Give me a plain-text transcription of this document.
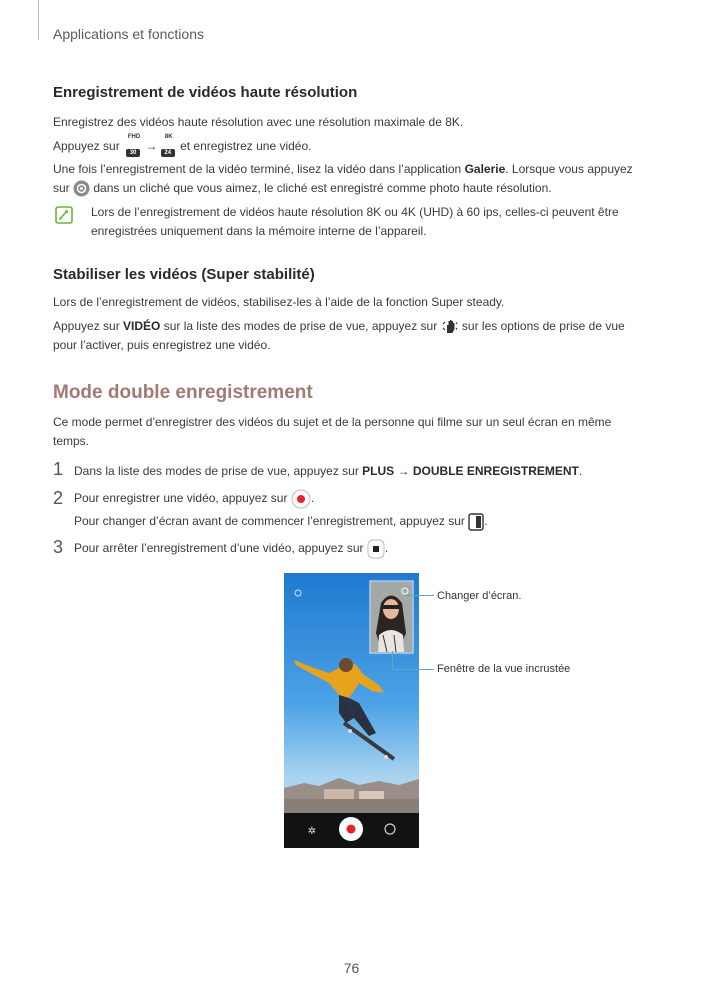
Applications et fonctions
Enregistrement de vidéos haute résolution
Enregistrez des vidéos haute résolution avec une résolution maximale de 8K.
Appuyez sur
FHD
30 →
8K
24 et enregistrez une vidéo.
Une fois l’enregistrement de la vidéo terminé, lisez la vidéo dans l’application Galerie. Lorsque vous appuyez
sur dans un cliché que vous aimez, le cliché est enregistré comme photo haute résolution.
Lors de l’enregistrement de vidéos haute résolution 8K ou 4K (UHD) à 60 ips, celles-ci peuvent être
enregistrées uniquement dans la mémoire interne de l’appareil.
Stabiliser les vidéos (Super stabilité)
Lors de l’enregistrement de vidéos, stabilisez-les à l’aide de la fonction Super steady.
Appuyez sur VIDÉO sur la liste des modes de prise de vue, appuyez sur sur les options de prise de vue
pour l’activer, puis enregistrez une vidéo.
Mode double enregistrement
Ce mode permet d’enregistrer des vidéos du sujet et de la personne qui filme sur un seul écran en même
temps.
1 Dans la liste des modes de prise de vue, appuyez sur PLUS → DOUBLE ENREGISTREMENT.
2 Pour enregistrer une vidéo, appuyez sur .
Pour changer d’écran avant de commencer l’enregistrement, appuyez sur .
3 Pour arrêter l’enregistrement d’une vidéo, appuyez sur .
✲
Changer d’écran.
Fenêtre de la vue incrustée
76
